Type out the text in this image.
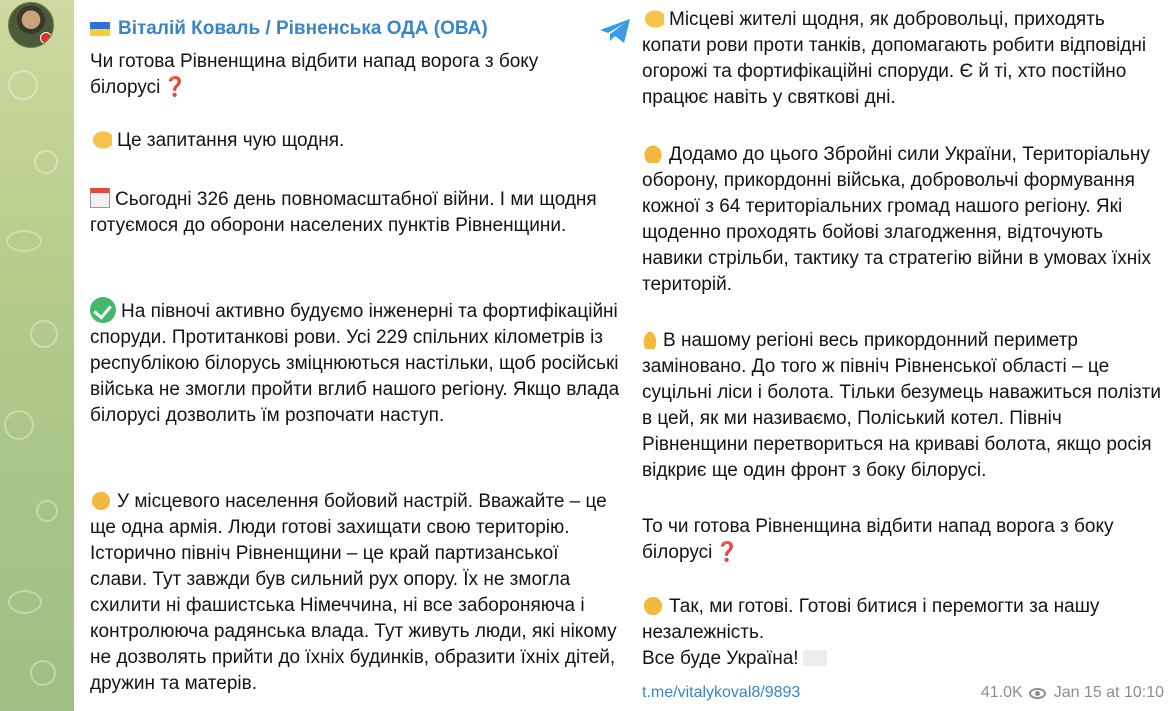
Віталій Коваль / Рівненська ОДА (ОВА)
Чи готова Рівненщина відбити напад ворога з боку білорусі ❓
Це запитання чую щодня.
Сьогодні 326 день повномасштабної війни. І ми щодня готуємося до оборони населених пунктів Рівненщини.
На півночі активно будуємо інженерні та фортифікаційні споруди. Протитанкові рови. Усі 229 спільних кілометрів із республікою білорусь зміцнюються настільки, щоб російські війська не змогли пройти вглиб нашого регіону. Якщо влада білорусі дозволить їм розпочати наступ.
У місцевого населення бойовий настрій. Вважайте – це ще одна армія. Люди готові захищати свою територію. Історично північ Рівненщини – це край партизанської слави. Тут завжди був сильний рух опору. Їх не змогла схилити ні фашистська Німеччина, ні все забороняюча і контролююча радянська влада. Тут живуть люди, які нікому не дозволять прийти до їхніх будинків, образити їхніх дітей, дружин та матерів.
Місцеві жителі щодня, як добровольці, приходять копати рови проти танків, допомагають робити відповідні огорожі та фортифікаційні споруди. Є й ті, хто постійно працює навіть у святкові дні.
Додамо до цього Збройні сили України, Територіальну оборону, прикордонні війська, добровольчі формування кожної з 64 територіальних громад нашого регіону. Які щоденно проходять бойові злагодження, відточують навики стрільби, тактику та стратегію війни в умовах їхніх територій.
В нашому регіоні весь прикордонний периметр заміновано. До того ж північ Рівненської області – це суцільні ліси і болота. Тільки безумець наважиться полізти в цей, як ми називаємо, Поліський котел. Північ Рівненщини перетвориться на криваві болота, якщо росія відкриє ще один фронт з боку білорусі.
То чи готова Рівненщина відбити напад ворога з боку білорусі ❓
Так, ми готові. Готові битися і перемогти за нашу незалежність.
Все буде Україна!
t.me/vitalykoval8/9893	41.0K Jan 15 at 10:10
